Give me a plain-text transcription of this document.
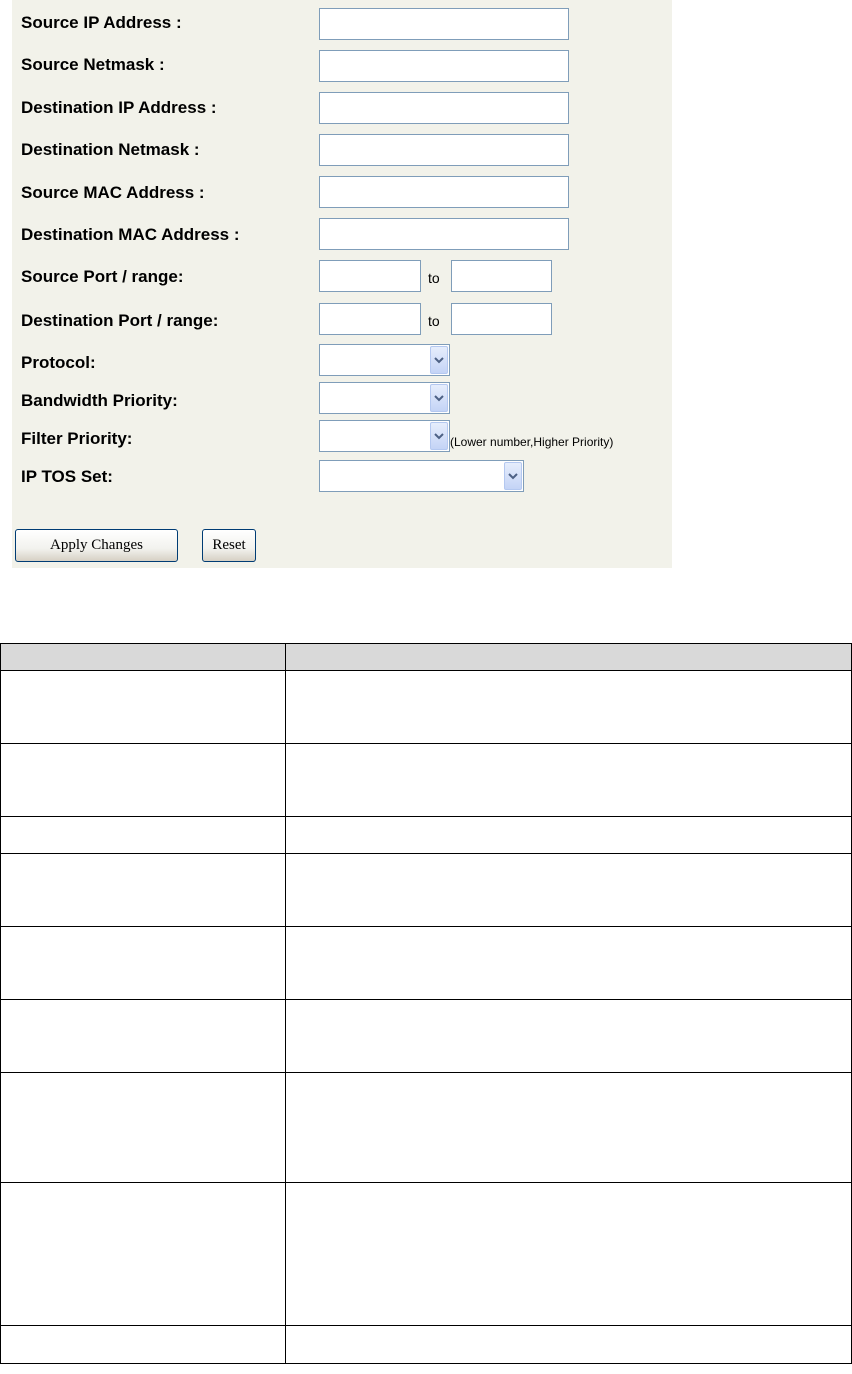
Source IP Address :
Source Netmask :
Destination IP Address :
Destination Netmask :
Source MAC Address :
Destination MAC Address :
Source Port / range:	to
Destination Port / range:	to
Protocol:
Bandwidth Priority:
Filter Priority:	(Lower number,Higher Priority)
IP TOS Set:
Apply Changes	Reset
